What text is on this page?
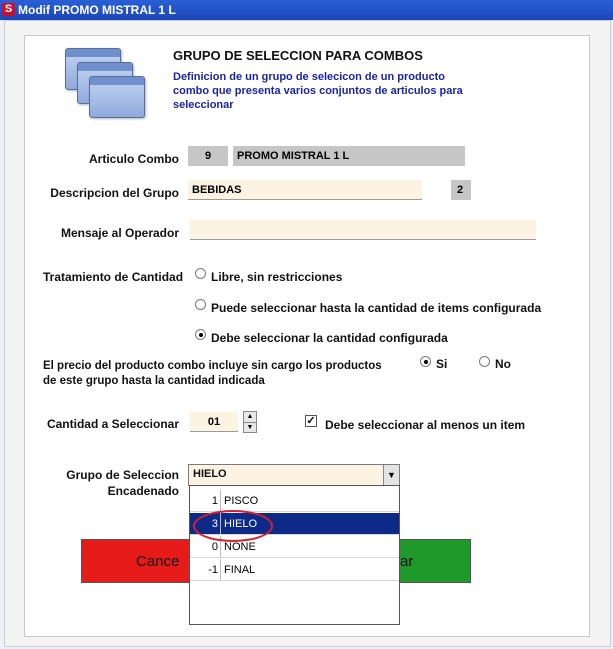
S Modif PROMO MISTRAL 1 L
GRUPO DE SELECCION PARA COMBOS
Definicion de un grupo de selecicon de un producto combo que presenta varios conjuntos de articulos para seleccionar
Articulo Combo	9	PROMO MISTRAL 1 L
Descripcion del Grupo	BEBIDAS	2
Mensaje al Operador
Tratamiento de Cantidad Libre, sin restricciones
Puede seleccionar hasta la cantidad de items configurada
Debe seleccionar la cantidad configurada
El precio del producto combo incluye sin cargo los productos
de este grupo hasta la cantidad indicada
Si	No
Cantidad a Seleccionar	01	▲
▼
✓ Debe seleccionar al menos un item
Grupo de Seleccion
Encadenado
HIELO	▼
Cance	ar
1 PISCO
3 HIELO
0 NONE
-1 FINAL
